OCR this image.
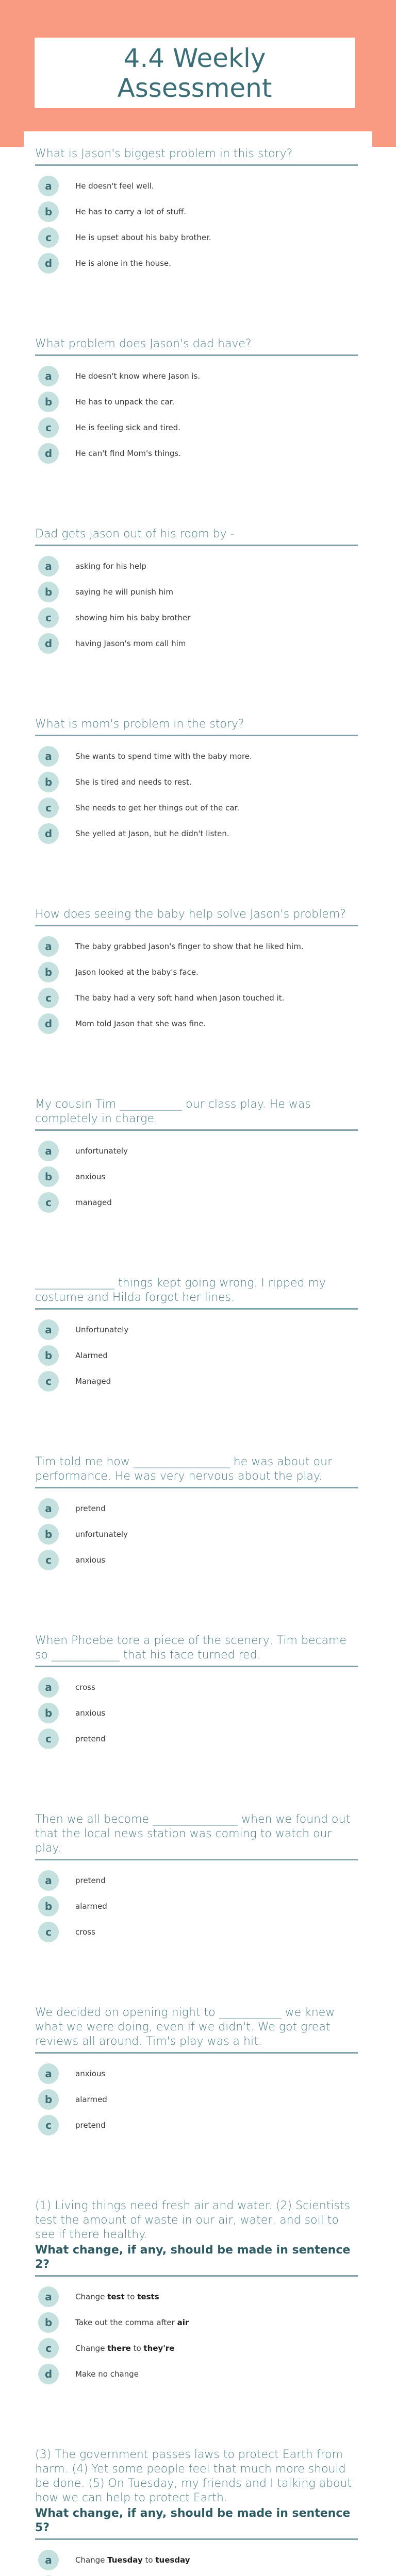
4.4 Weekly Assessment
What is Jason's biggest problem in this story?
a	He doesn't feel well.
b	He has to carry a lot of stuff.
c	He is upset about his baby brother.
d	He is alone in the house.
What problem does Jason's dad have?
a	He doesn't know where Jason is.
b	He has to unpack the car.
c	He is feeling sick and tired.
d	He can't find Mom's things.
Dad gets Jason out of his room by -
a	asking for his help
b	saying he will punish him
c	showing him his baby brother
d	having Jason's mom call him
What is mom's problem in the story?
a	She wants to spend time with the baby more.
b	She is tired and needs to rest.
c	She needs to get her things out of the car.
d	She yelled at Jason, but he didn't listen.
How does seeing the baby help solve Jason's problem?
a	The baby grabbed Jason's finger to show that he liked him.
b	Jason looked at the baby's face.
c	The baby had a very soft hand when Jason touched it.
d	Mom told Jason that she was fine.
My cousin Tim ___________ our class play. He was completely in charge.
a	unfortunately
b	anxious
c	managed
______________ things kept going wrong. I ripped my costume and Hilda forgot her lines.
a	Unfortunately
b	Alarmed
c	Managed
Tim told me how _________________ he was about our performance. He was very nervous about the play.
a	pretend
b	unfortunately
c	anxious
When Phoebe tore a piece of the scenery, Tim became so ____________ that his face turned red.
a	cross
b	anxious
c	pretend
Then we all become _______________ when we found out that the local news station was coming to watch our play.
a	pretend
b	alarmed
c	cross
We decided on opening night to ___________ we knew what we were doing, even if we didn't. We got great reviews all around. Tim's play was a hit.
a	anxious
b	alarmed
c	pretend
(1) Living things need fresh air and water. (2) Scientists test the amount of waste in our air, water, and soil to see if there healthy.
What change, if any, should be made in sentence 2?
a	Change test to tests
b	Take out the comma after air
c	Change there to they're
d	Make no change
(3) The government passes laws to protect Earth from harm. (4) Yet some people feel that much more should be done. (5) On Tuesday, my friends and I talking about how we can help to protect Earth.
What change, if any, should be made in sentence 5?
a	Change Tuesday to tuesday
